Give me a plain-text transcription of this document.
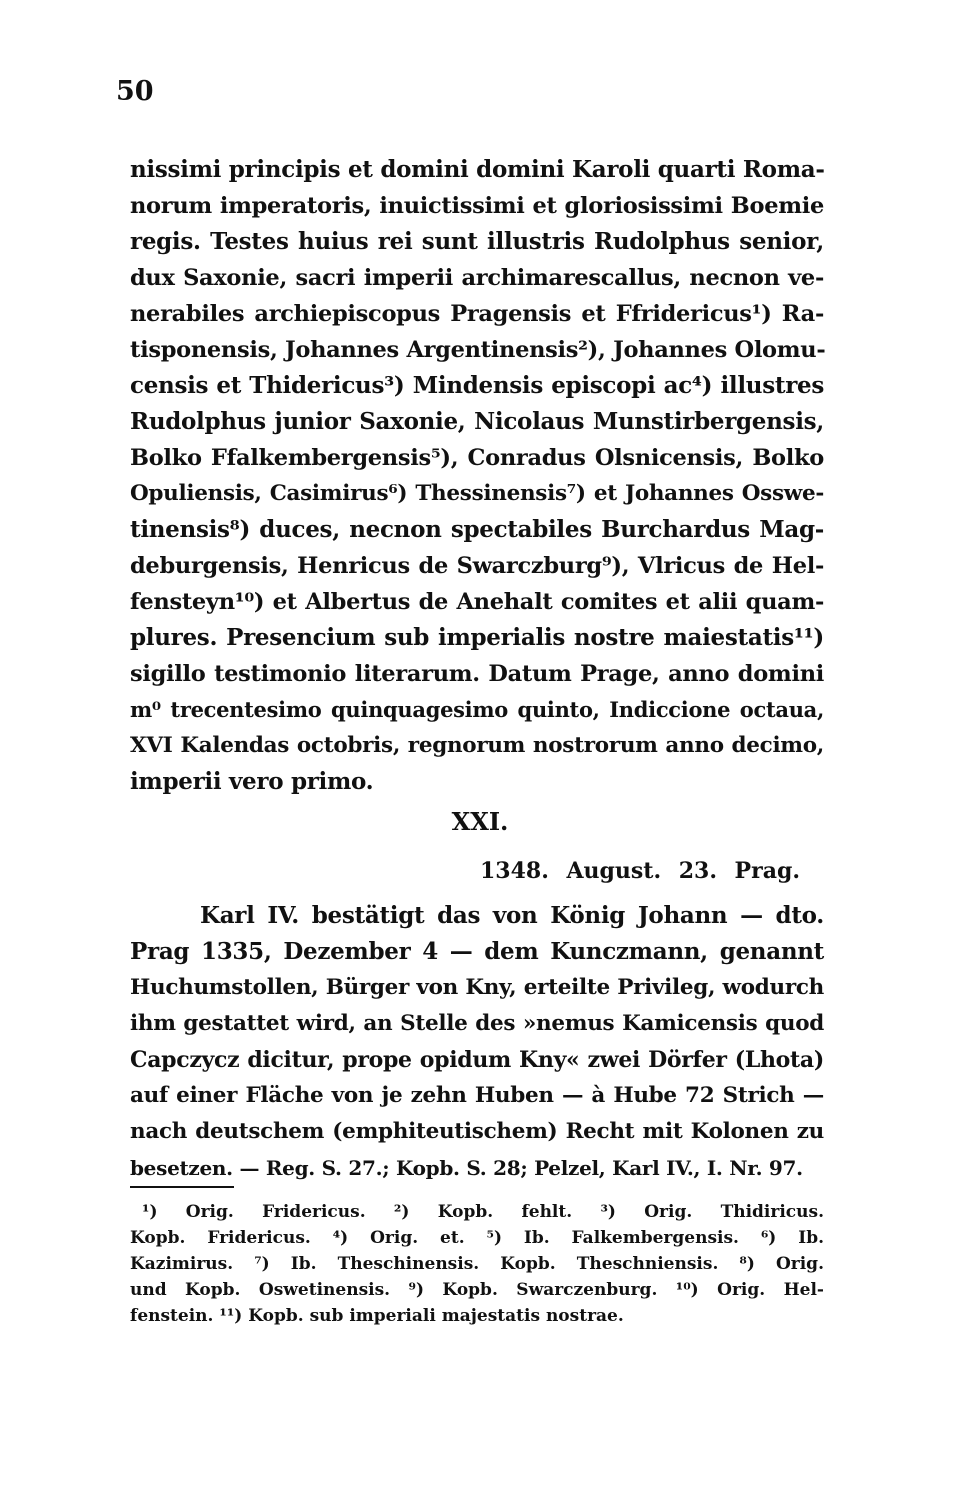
50
nissimi principis et domini domini Karoli quarti Roma-
norum imperatoris, inuictissimi et gloriosissimi Boemie
regis. Testes huius rei sunt illustris Rudolphus senior,
dux Saxonie, sacri imperii archimarescallus, necnon ve-
nerabiles archiepiscopus Pragensis et Ffridericus¹) Ra-
tisponensis, Johannes Argentinensis²), Johannes Olomu-
censis et Thidericus³) Mindensis episcopi ac⁴) illustres
Rudolphus junior Saxonie, Nicolaus Munstirbergensis,
Bolko Ffalkembergensis⁵), Conradus Olsnicensis, Bolko
Opuliensis, Casimirus⁶) Thessinensis⁷) et Johannes Osswe-
tinensis⁸) duces, necnon spectabiles Burchardus Mag-
deburgensis, Henricus de Swarczburg⁹), Vlricus de Hel-
fensteyn¹⁰) et Albertus de Anehalt comites et alii quam-
plures. Presencium sub imperialis nostre maiestatis¹¹)
sigillo testimonio literarum. Datum Prage, anno domini
m⁰ trecentesimo quinquagesimo quinto, Indiccione octaua,
XVI Kalendas octobris, regnorum nostrorum anno decimo,
imperii vero primo.
XXI.
1348. August. 23. Prag.
Karl IV. bestätigt das von König Johann — dto.
Prag 1335, Dezember 4 — dem Kunczmann, genannt
Huchumstollen, Bürger von Kny, erteilte Privileg, wodurch
ihm gestattet wird, an Stelle des »nemus Kamicensis quod
Capczycz dicitur, prope opidum Kny« zwei Dörfer (Lhota)
auf einer Fläche von je zehn Huben — à Hube 72 Strich —
nach deutschem (emphiteutischem) Recht mit Kolonen zu
besetzen. — Reg. S. 27.; Kopb. S. 28; Pelzel, Karl IV., I. Nr. 97.
¹) Orig. Fridericus. ²) Kopb. fehlt. ³) Orig. Thidiricus.
Kopb. Fridericus. ⁴) Orig. et. ⁵) Ib. Falkembergensis. ⁶) Ib.
Kazimirus. ⁷) Ib. Theschinensis. Kopb. Theschniensis. ⁸) Orig.
und Kopb. Oswetinensis. ⁹) Kopb. Swarczenburg. ¹⁰) Orig. Hel-
fenstein. ¹¹) Kopb. sub imperiali majestatis nostrae.
